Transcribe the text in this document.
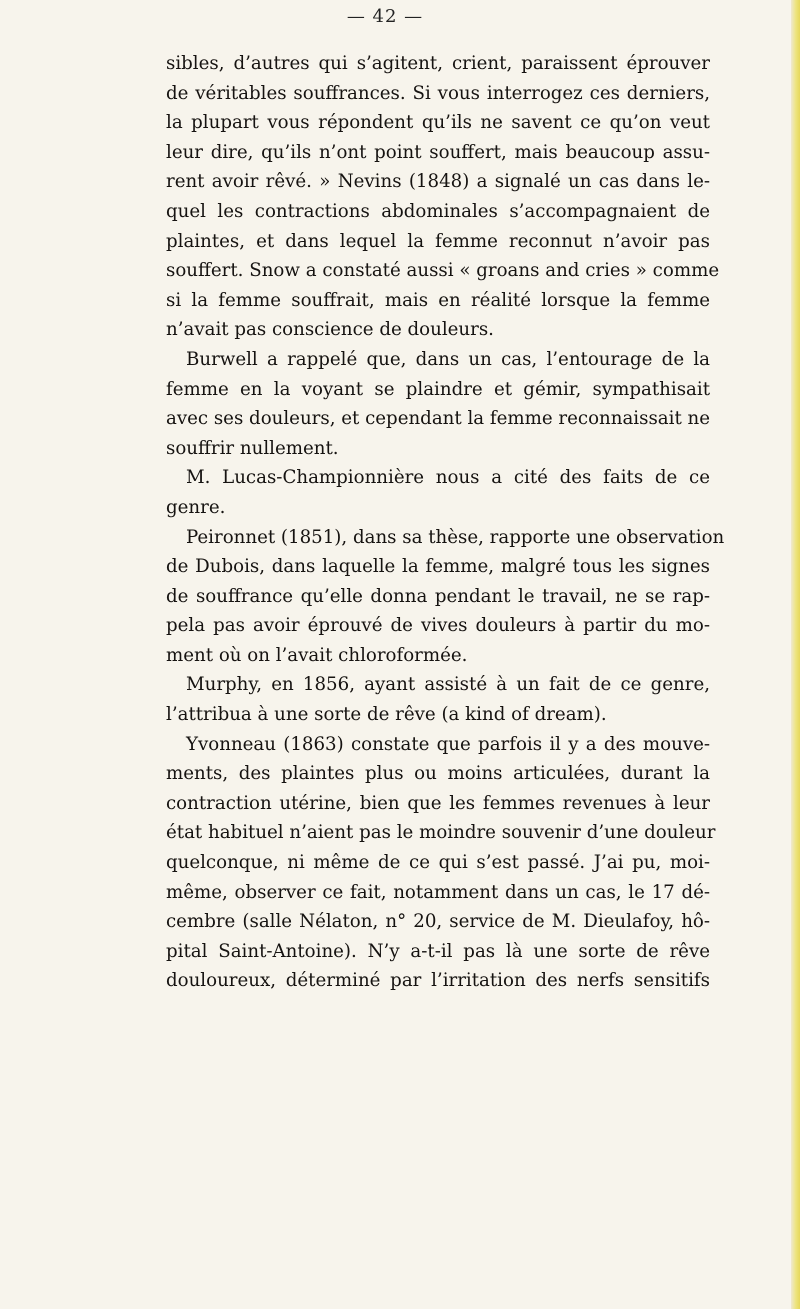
— 42 —
sibles, d’autres qui s’agitent, crient, paraissent éprouver
de véritables souffrances. Si vous interrogez ces derniers,
la plupart vous répondent qu’ils ne savent ce qu’on veut
leur dire, qu’ils n’ont point souffert, mais beaucoup assu-
rent avoir rêvé. » Nevins (1848) a signalé un cas dans le-
quel les contractions abdominales s’accompagnaient de
plaintes, et dans lequel la femme reconnut n’avoir pas
souffert. Snow a constaté aussi « groans and cries » comme
si la femme souffrait, mais en réalité lorsque la femme
n’avait pas conscience de douleurs.
Burwell a rappelé que, dans un cas, l’entourage de la
femme en la voyant se plaindre et gémir, sympathisait
avec ses douleurs, et cependant la femme reconnaissait ne
souffrir nullement.
M. Lucas-Championnière nous a cité des faits de ce
genre.
Peironnet (1851), dans sa thèse, rapporte une observation
de Dubois, dans laquelle la femme, malgré tous les signes
de souffrance qu’elle donna pendant le travail, ne se rap-
pela pas avoir éprouvé de vives douleurs à partir du mo-
ment où on l’avait chloroformée.
Murphy, en 1856, ayant assisté à un fait de ce genre,
l’attribua à une sorte de rêve (a kind of dream).
Yvonneau (1863) constate que parfois il y a des mouve-
ments, des plaintes plus ou moins articulées, durant la
contraction utérine, bien que les femmes revenues à leur
état habituel n’aient pas le moindre souvenir d’une douleur
quelconque, ni même de ce qui s’est passé. J’ai pu, moi-
même, observer ce fait, notamment dans un cas, le 17 dé-
cembre (salle Nélaton, n° 20, service de M. Dieulafoy, hô-
pital Saint-Antoine). N’y a-t-il pas là une sorte de rêve
douloureux, déterminé par l’irritation des nerfs sensitifs
